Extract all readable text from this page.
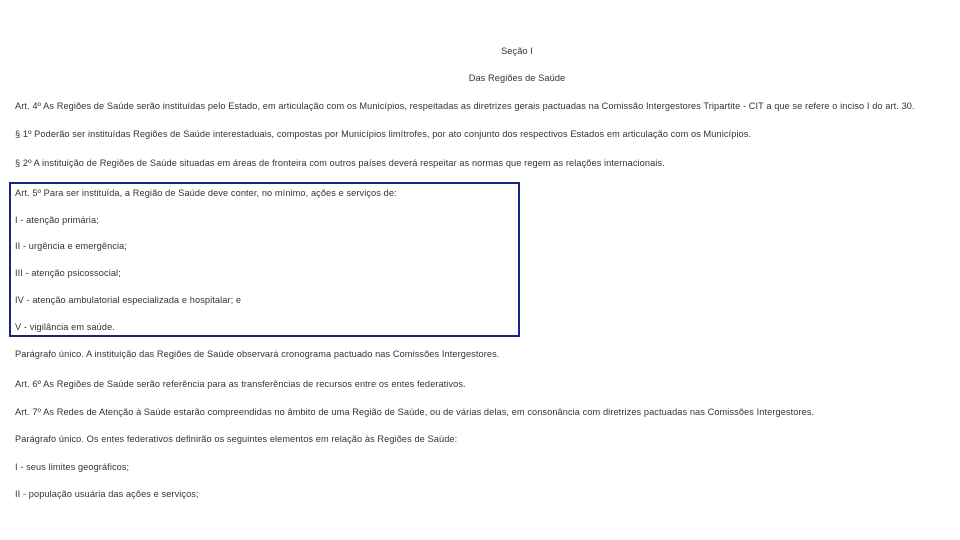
Seção I
Das Regiões de Saúde
Art. 4º As Regiões de Saúde serão instituídas pelo Estado, em articulação com os Municípios, respeitadas as diretrizes gerais pactuadas na Comissão Intergestores Tripartite - CIT a que se refere o inciso I do art. 30.
§ 1º Poderão ser instituídas Regiões de Saúde interestaduais, compostas por Municípios limítrofes, por ato conjunto dos respectivos Estados em articulação com os Municípios.
§ 2º A instituição de Regiões de Saúde situadas em áreas de fronteira com outros países deverá respeitar as normas que regem as relações internacionais.
Art. 5º Para ser instituída, a Região de Saúde deve conter, no mínimo, ações e serviços de:
I - atenção primária;
II - urgência e emergência;
III - atenção psicossocial;
IV - atenção ambulatorial especializada e hospitalar; e
V - vigilância em saúde.
Parágrafo único. A instituição das Regiões de Saúde observará cronograma pactuado nas Comissões Intergestores.
Art. 6º As Regiões de Saúde serão referência para as transferências de recursos entre os entes federativos.
Art. 7º As Redes de Atenção à Saúde estarão compreendidas no âmbito de uma Região de Saúde, ou de várias delas, em consonância com diretrizes pactuadas nas Comissões Intergestores.
Parágrafo único. Os entes federativos definirão os seguintes elementos em relação às Regiões de Saúde:
I - seus limites geográficos;
II - população usuária das ações e serviços;
